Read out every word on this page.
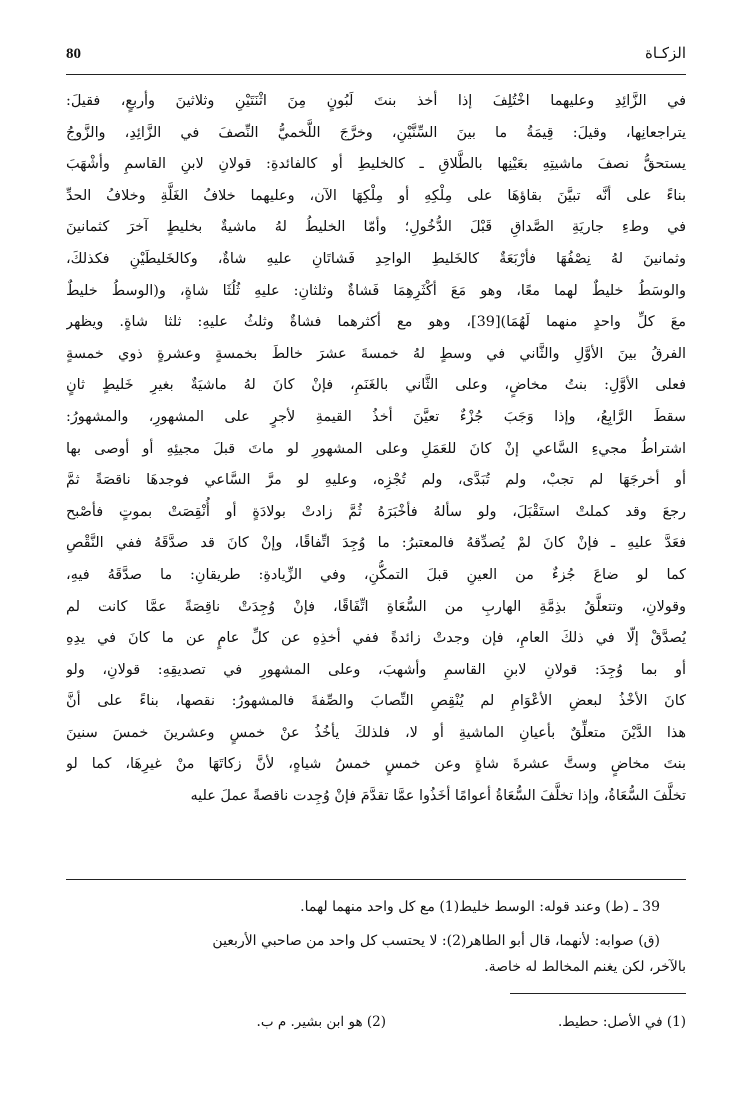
80	الزكـاة
في الزَّائِدِ وعليهما اخْتُلِفَ إذا أخذ بنتَ لَبُونٍ مِنَ اثْنَتَيْنِ وثلاثينَ وأربعٍ، فقيلَ:
يتراجعانِها، وقيلَ: قِيمَةُ ما بينَ السِّنَّيْنِ، وخرَّجَ اللَّخميُّ النِّصفَ في الزَّائِدِ، والزَّوجُ
يستحقُّ نصفَ ماشيتِهِ بعَيْنِها بالطَّلاقِ ـ كالخليطِ أو كالفائدةِ: قولانِ لابنِ القاسمِ وأشْهَبَ
بناءً على أنَّه تبيَّنَ بقاؤهَا على مِلْكِهِ أو مِلْكِهَا الآن، وعليهما خلافُ الغَلَّةِ وخلافُ الحدِّ
في وطءِ جاريَةِ الصَّداقِ قَبْلَ الدُّخُولِ؛ وأمّا الخليطُ لهُ ماشيةٌ بخليطٍ آخرَ كثمانينَ
وثمانينَ لهُ نِصْفُهَا فأرْبَعَةٌ كالخَليطِ الواحِدِ فَشاتَانِ عليهِ شاةٌ، وكالخَليطَيْنِ فكذلكَ،
والوسَطُ خليطٌ لهما معًا، وهو مَعَ أكْثَرِهِمَا فَشاةٌ وثلثانِ: عليهِ ثُلُثَا شاةٍ، و(الوسطُ خليطٌ
معَ كلِّ واحدٍ منهما لَهُمَا)[39]، وهو مع أكثرهما فشاةٌ وثلثُ عليهِ: ثلثا شاةٍ. ويظهر
الفرقُ بينَ الأوَّلِ والثَّاني في وسطٍ لهُ خمسةَ عشرَ خالطَ بخمسةٍ وعشرةٍ ذوي خمسةٍ
فعلى الأوَّلِ: بنتُ مخاضٍ، وعلى الثَّاني بالغَنَمِ، فإنْ كانَ لهُ ماشيَةٌ بغيرِ خَليطٍ ثانٍ
سقطَ الرَّابِعُ، وإذا وَجَبَ جُزْءٌ تعيَّنَ أخذُ القيمةِ لأجرٍ على المشهورِ، والمشهورُ:
اشتراطُ مجيءِ السَّاعي إنْ كانَ للعَمَلِ وعلى المشهورِ لو ماتَ قبلَ مجيئِهِ أو أوصى بها
أو أخرجَهَا لم تجبْ، ولم تُبَدَّى، ولم تُجْزِه، وعليهِ لو مرَّ السَّاعي فوجدهَا ناقصَةً ثمَّ
رجعَ وقد كملتْ استَقْبَلَ، ولو سألهُ فأخْبَرَهُ ثُمَّ زادتْ بولادَةٍ أو أُنْقِصَتْ بموتٍ فأصْبح
فعَدَّ عليهِ ـ فإنْ كانَ لمْ يُصدِّقهُ فالمعتبرُ: ما وُجِدَ اتِّفاقًا، وإنْ كانَ قد صدَّقَهُ ففي النَّقْصِ
كما لو ضاعَ جُزءٌ من العينِ قبلَ التمكُّنِ، وفي الزِّيادةِ: طريقانِ: ما صدَّقَهُ فيهِ،
وقولانِ، وتتعلَّقُ بذِمَّةِ الهاربِ من السُّعَاةِ اتِّفَاقًا، فإنْ وُجِدَتْ ناقِصَةً عمَّا كانت لم
يُصدَّقْ إلّا في ذلكَ العامِ، فإن وجدتْ زائدةً ففي أخذِهِ عن كلِّ عامٍ عن ما كانَ في يدِهِ
أو بما وُجِدَ: قولانِ لابنِ القاسمِ وأشهبَ، وعلى المشهورِ في تصديقِهِ: قولانِ، ولو
كانَ الأخْذُ لبعضِ الأعْوَامِ لم يُنْقِصِ النِّصابَ والصِّفةَ فالمشهورُ: نقصها، بناءً على أنَّ
هذا الدَّيْنَ متعلِّقٌ بأعيانِ الماشيةِ أو لا، فلذلكَ يأخُذُ عنْ خمسٍ وعشرينَ خمسَ سنينَ
بنتَ مخاضٍ وستَّ عشرةَ شاةٍ وعن خمسٍ خمسُ شياهٍ، لأنَّ زكاتَهَا منْ غيرِهَا، كما لو
تخلَّفَ السُّعَاةُ، وإذا تخلَّفَ السُّعَاةُ أعوامًا أخَذُوا عمَّا تقدَّمَ فإنْ وُجِدت ناقصةً عملَ عليه
39 ـ (ط) وعند قوله: الوسط خليط(1) مع كل واحد منهما لهما.
(ق) صوابه: لأنهما، قال أبو الطاهر(2): لا يحتسب كل واحد من صاحبي الأربعين
بالآخر، لكن يغنم المخالط له خاصة.
(1) في الأصل: حطيط.
(2) هو ابن بشير. م ب.
